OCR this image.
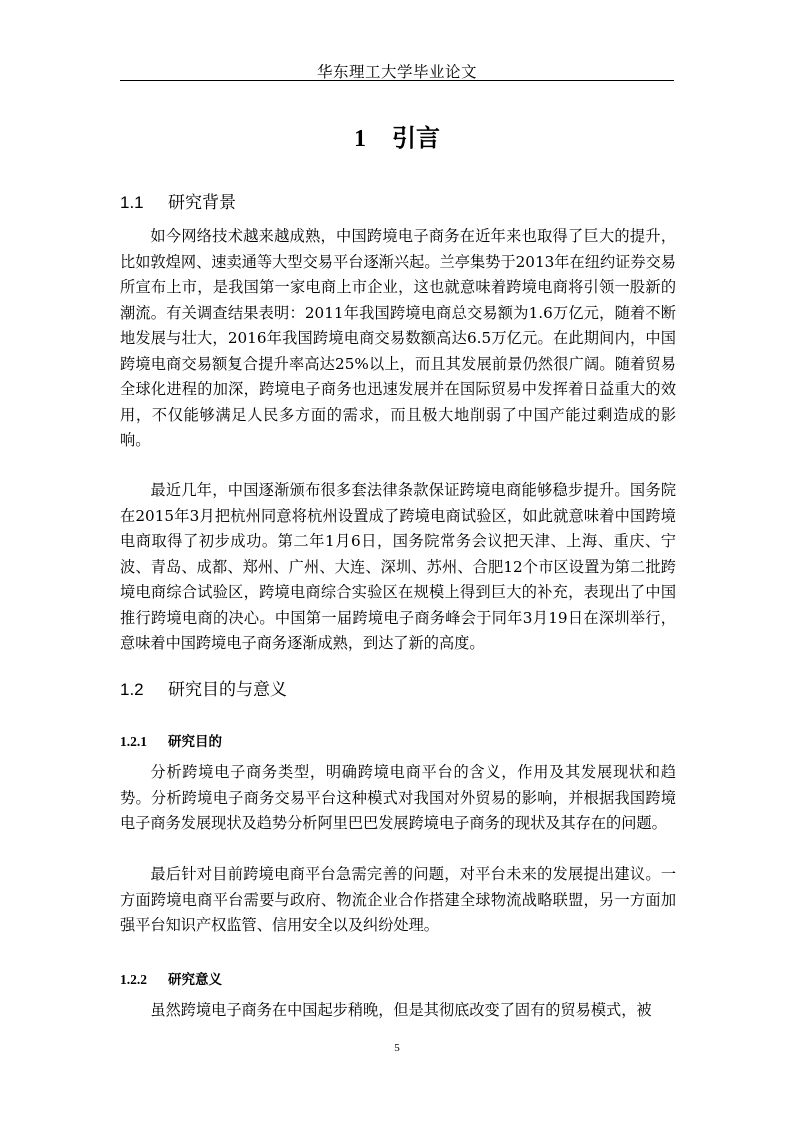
华东理工大学毕业论文
1 引言
1.1 研究背景

如今网络技术越来越成熟，中国跨境电子商务在近年来也取得了巨大的提升，比如敦煌网、速卖通等大型交易平台逐渐兴起。兰亭集势于2013年在纽约证券交易所宣布上市，是我国第一家电商上市企业，这也就意味着跨境电商将引领一股新的潮流。有关调查结果表明：2011年我国跨境电商总交易额为1.6万亿元，随着不断地发展与壮大，2016年我国跨境电商交易数额高达6.5万亿元。在此期间内，中国跨境电商交易额复合提升率高达25%以上，而且其发展前景仍然很广阔。随着贸易全球化进程的加深，跨境电子商务也迅速发展并在国际贸易中发挥着日益重大的效用，不仅能够满足人民多方面的需求，而且极大地削弱了中国产能过剩造成的影响。

最近几年，中国逐渐颁布很多套法律条款保证跨境电商能够稳步提升。国务院在2015年3月把杭州同意将杭州设置成了跨境电商试验区，如此就意味着中国跨境电商取得了初步成功。第二年1月6日，国务院常务会议把天津、上海、重庆、宁波、青岛、成都、郑州、广州、大连、深圳、苏州、合肥12个市区设置为第二批跨境电商综合试验区，跨境电商综合实验区在规模上得到巨大的补充，表现出了中国推行跨境电商的决心。中国第一届跨境电子商务峰会于同年3月19日在深圳举行，意味着中国跨境电子商务逐渐成熟，到达了新的高度。

1.2 研究目的与意义
1.2.1 研究目的

分析跨境电子商务类型，明确跨境电商平台的含义，作用及其发展现状和趋势。分析跨境电子商务交易平台这种模式对我国对外贸易的影响，并根据我国跨境电子商务发展现状及趋势分析阿里巴巴发展跨境电子商务的现状及其存在的问题。

最后针对目前跨境电商平台急需完善的问题，对平台未来的发展提出建议。一方面跨境电商平台需要与政府、物流企业合作搭建全球物流战略联盟，另一方面加强平台知识产权监管、信用安全以及纠纷处理。

1.2.2 研究意义

虽然跨境电子商务在中国起步稍晚，但是其彻底改变了固有的贸易模式，被

5
